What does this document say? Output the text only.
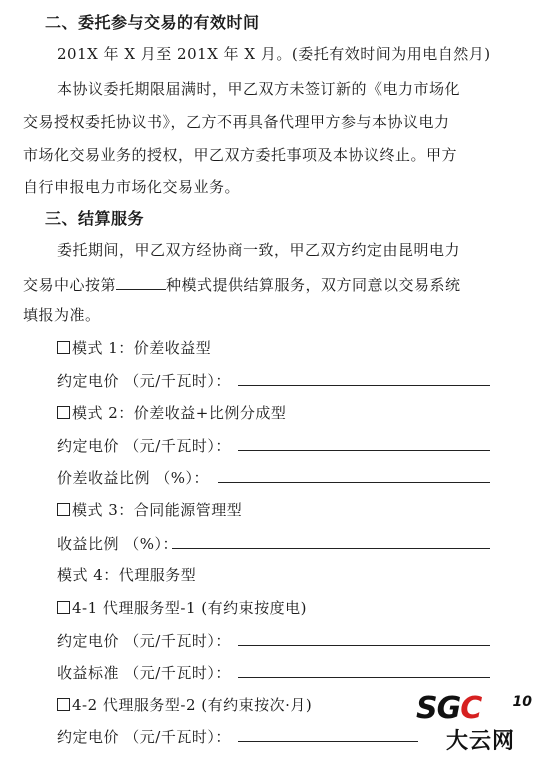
二、委托参与交易的有效时间
201X 年 X 月至 201X 年 X 月。(委托有效时间为用电自然月)
本协议委托期限届满时，甲乙双方未签订新的《电力市场化
交易授权委托协议书》，乙方不再具备代理甲方参与本协议电力
市场化交易业务的授权，甲乙双方委托事项及本协议终止。甲方
自行申报电力市场化交易业务。
三、结算服务
委托期间，甲乙双方经协商一致，甲乙双方约定由昆明电力
交易中心按第	种模式提供结算服务，双方同意以交易系统
填报为准。
模式 1：价差收益型
约定电价 （元/千瓦时）：
模式 2：价差收益+比例分成型
约定电价 （元/千瓦时）：
价差收益比例 （%）：
模式 3：合同能源管理型
收益比例 （%）：
模式 4：代理服务型
4-1 代理服务型-1 (有约束按度电)
约定电价 （元/千瓦时）：
收益标准 （元/千瓦时）：
4-2 代理服务型-2 (有约束按次·月)
约定电价 （元/千瓦时）：
SGC 10
大云网
